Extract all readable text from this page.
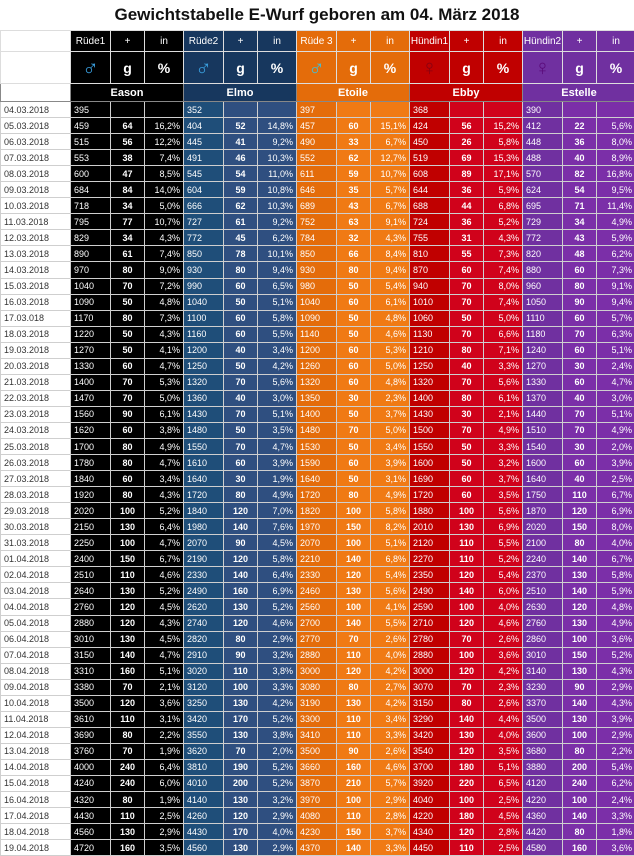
Gewichtstabelle E-Wurf geboren am 04. März 2018
	Rüde1	+	in	Rüde2	+	in	Rüde 3	+	in	Hündin1	+	in	Hündin2	+	in
	♂	g	%	♂	g	%	♂	g	%	♀	g	%	♀	g	%
Datum	Eason			Elmo			Etoile			Ebby			Estelle		
04.03.2018	395			352			397			368			390		
05.03.2018	459	64	16,2%	404	52	14,8%	457	60	15,1%	424	56	15,2%	412	22	5,6%
06.03.2018	515	56	12,2%	445	41	9,2%	490	33	6,7%	450	26	5,8%	448	36	8,0%
07.03.2018	553	38	7,4%	491	46	10,3%	552	62	12,7%	519	69	15,3%	488	40	8,9%
08.03.2018	600	47	8,5%	545	54	11,0%	611	59	10,7%	608	89	17,1%	570	82	16,8%
09.03.2018	684	84	14,0%	604	59	10,8%	646	35	5,7%	644	36	5,9%	624	54	9,5%
10.03.2018	718	34	5,0%	666	62	10,3%	689	43	6,7%	688	44	6,8%	695	71	11,4%
11.03.2018	795	77	10,7%	727	61	9,2%	752	63	9,1%	724	36	5,2%	729	34	4,9%
12.03.2018	829	34	4,3%	772	45	6,2%	784	32	4,3%	755	31	4,3%	772	43	5,9%
13.03.2018	890	61	7,4%	850	78	10,1%	850	66	8,4%	810	55	7,3%	820	48	6,2%
14.03.2018	970	80	9,0%	930	80	9,4%	930	80	9,4%	870	60	7,4%	880	60	7,3%
15.03.2018	1040	70	7,2%	990	60	6,5%	980	50	5,4%	940	70	8,0%	960	80	9,1%
16.03.2018	1090	50	4,8%	1040	50	5,1%	1040	60	6,1%	1010	70	7,4%	1050	90	9,4%
17.03.018	1170	80	7,3%	1100	60	5,8%	1090	50	4,8%	1060	50	5,0%	1110	60	5,7%
18.03.2018	1220	50	4,3%	1160	60	5,5%	1140	50	4,6%	1130	70	6,6%	1180	70	6,3%
19.03.2018	1270	50	4,1%	1200	40	3,4%	1200	60	5,3%	1210	80	7,1%	1240	60	5,1%
20.03.2018	1330	60	4,7%	1250	50	4,2%	1260	60	5,0%	1250	40	3,3%	1270	30	2,4%
21.03.2018	1400	70	5,3%	1320	70	5,6%	1320	60	4,8%	1320	70	5,6%	1330	60	4,7%
22.03.2018	1470	70	5,0%	1360	40	3,0%	1350	30	2,3%	1400	80	6,1%	1370	40	3,0%
23.03.2018	1560	90	6,1%	1430	70	5,1%	1400	50	3,7%	1430	30	2,1%	1440	70	5,1%
24.03.2018	1620	60	3,8%	1480	50	3,5%	1480	70	5,0%	1500	70	4,9%	1510	70	4,9%
25.03.2018	1700	80	4,9%	1550	70	4,7%	1530	50	3,4%	1550	50	3,3%	1540	30	2,0%
26.03.2018	1780	80	4,7%	1610	60	3,9%	1590	60	3,9%	1600	50	3,2%	1600	60	3,9%
27.03.2018	1840	60	3,4%	1640	30	1,9%	1640	50	3,1%	1690	60	3,7%	1640	40	2,5%
28.03.2018	1920	80	4,3%	1720	80	4,9%	1720	80	4,9%	1720	60	3,5%	1750	110	6,7%
29.03.2018	2020	100	5,2%	1840	120	7,0%	1820	100	5,8%	1880	100	5,6%	1870	120	6,9%
30.03.2018	2150	130	6,4%	1980	140	7,6%	1970	150	8,2%	2010	130	6,9%	2020	150	8,0%
31.03.2018	2250	100	4,7%	2070	90	4,5%	2070	100	5,1%	2120	110	5,5%	2100	80	4,0%
01.04.2018	2400	150	6,7%	2190	120	5,8%	2210	140	6,8%	2270	110	5,2%	2240	140	6,7%
02.04.2018	2510	110	4,6%	2330	140	6,4%	2330	120	5,4%	2350	120	5,4%	2370	130	5,8%
03.04.2018	2640	130	5,2%	2490	160	6,9%	2460	130	5,6%	2490	140	6,0%	2510	140	5,9%
04.04.2018	2760	120	4,5%	2620	130	5,2%	2560	100	4,1%	2590	100	4,0%	2630	120	4,8%
05.04.2018	2880	120	4,3%	2740	120	4,6%	2700	140	5,5%	2710	120	4,6%	2760	130	4,9%
06.04.2018	3010	130	4,5%	2820	80	2,9%	2770	70	2,6%	2780	70	2,6%	2860	100	3,6%
07.04.2018	3150	140	4,7%	2910	90	3,2%	2880	110	4,0%	2880	100	3,6%	3010	150	5,2%
08.04.2018	3310	160	5,1%	3020	110	3,8%	3000	120	4,2%	3000	120	4,2%	3140	130	4,3%
09.04.2018	3380	70	2,1%	3120	100	3,3%	3080	80	2,7%	3070	70	2,3%	3230	90	2,9%
10.04.2018	3500	120	3,6%	3250	130	4,2%	3190	130	4,2%	3150	80	2,6%	3370	140	4,3%
11.04.2018	3610	110	3,1%	3420	170	5,2%	3300	110	3,4%	3290	140	4,4%	3500	130	3,9%
12.04.2018	3690	80	2,2%	3550	130	3,8%	3410	110	3,3%	3420	130	4,0%	3600	100	2,9%
13.04.2018	3760	70	1,9%	3620	70	2,0%	3500	90	2,6%	3540	120	3,5%	3680	80	2,2%
14.04.2018	4000	240	6,4%	3810	190	5,2%	3660	160	4,6%	3700	180	5,1%	3880	200	5,4%
15.04.2018	4240	240	6,0%	4010	200	5,2%	3870	210	5,7%	3920	220	6,5%	4120	240	6,2%
16.04.2018	4320	80	1,9%	4140	130	3,2%	3970	100	2,9%	4040	100	2,5%	4220	100	2,4%
17.04.2018	4430	110	2,5%	4260	120	2,9%	4080	110	2,8%	4220	180	4,5%	4360	140	3,3%
18.04.2018	4560	130	2,9%	4430	170	4,0%	4230	150	3,7%	4340	120	2,8%	4420	80	1,8%
19.04.2018	4720	160	3,5%	4560	130	2,9%	4370	140	3,3%	4450	110	2,5%	4580	160	3,6%
